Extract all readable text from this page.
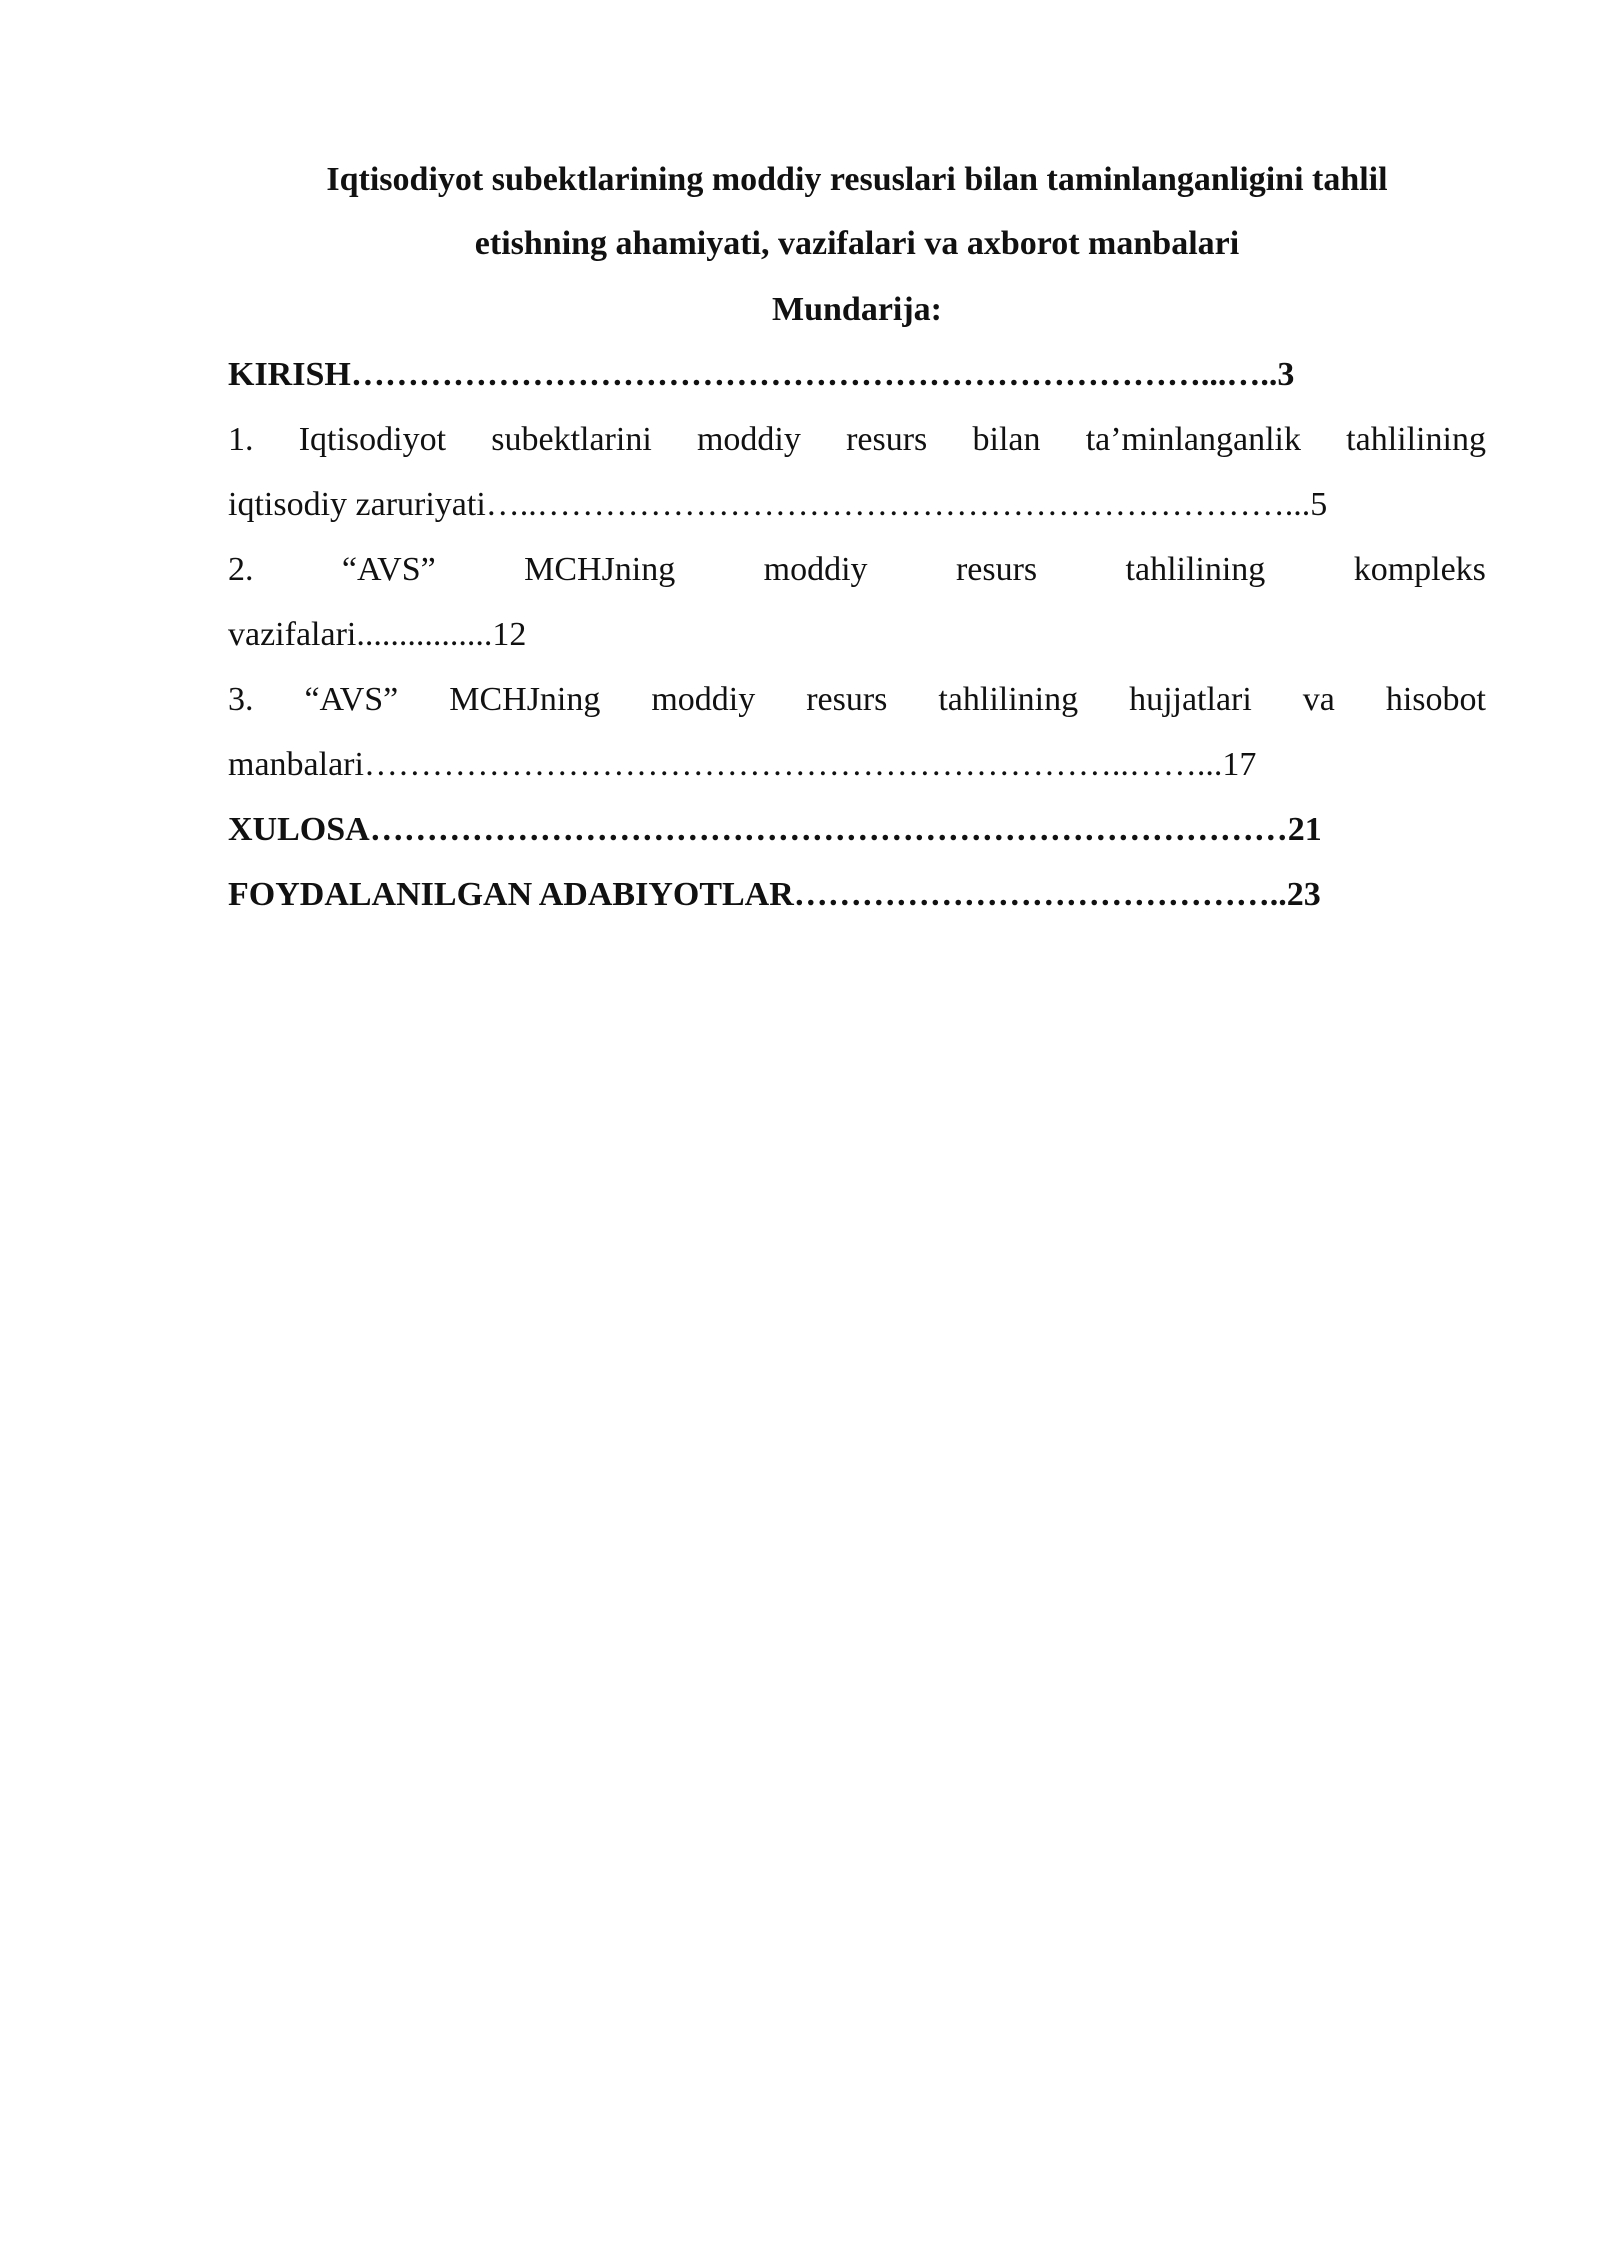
Iqtisodiyot subektlarining moddiy resuslari bilan taminlanganligini tahlil
etishning ahamiyati, vazifalari va axborot manbalari
Mundarija:

KIRISH…………………………………………………………………...…..3

1. Iqtisodiyot subektlarini moddiy resurs bilan ta’minlanganlik tahlilining
iqtisodiy zaruriyati…..…………………………………………………………...5

2.	“AVS”	MCHJning	moddiy	resurs	tahlilining	kompleks
vazifalari................12

3. “AVS” MCHJning moddiy resurs tahlilining hujjatlari va hisobot
manbalari…………………………………………………………..……...17

XULOSA………………………………………………………………………21

FOYDALANILGAN ADABIYOTLAR……………………………………..23
